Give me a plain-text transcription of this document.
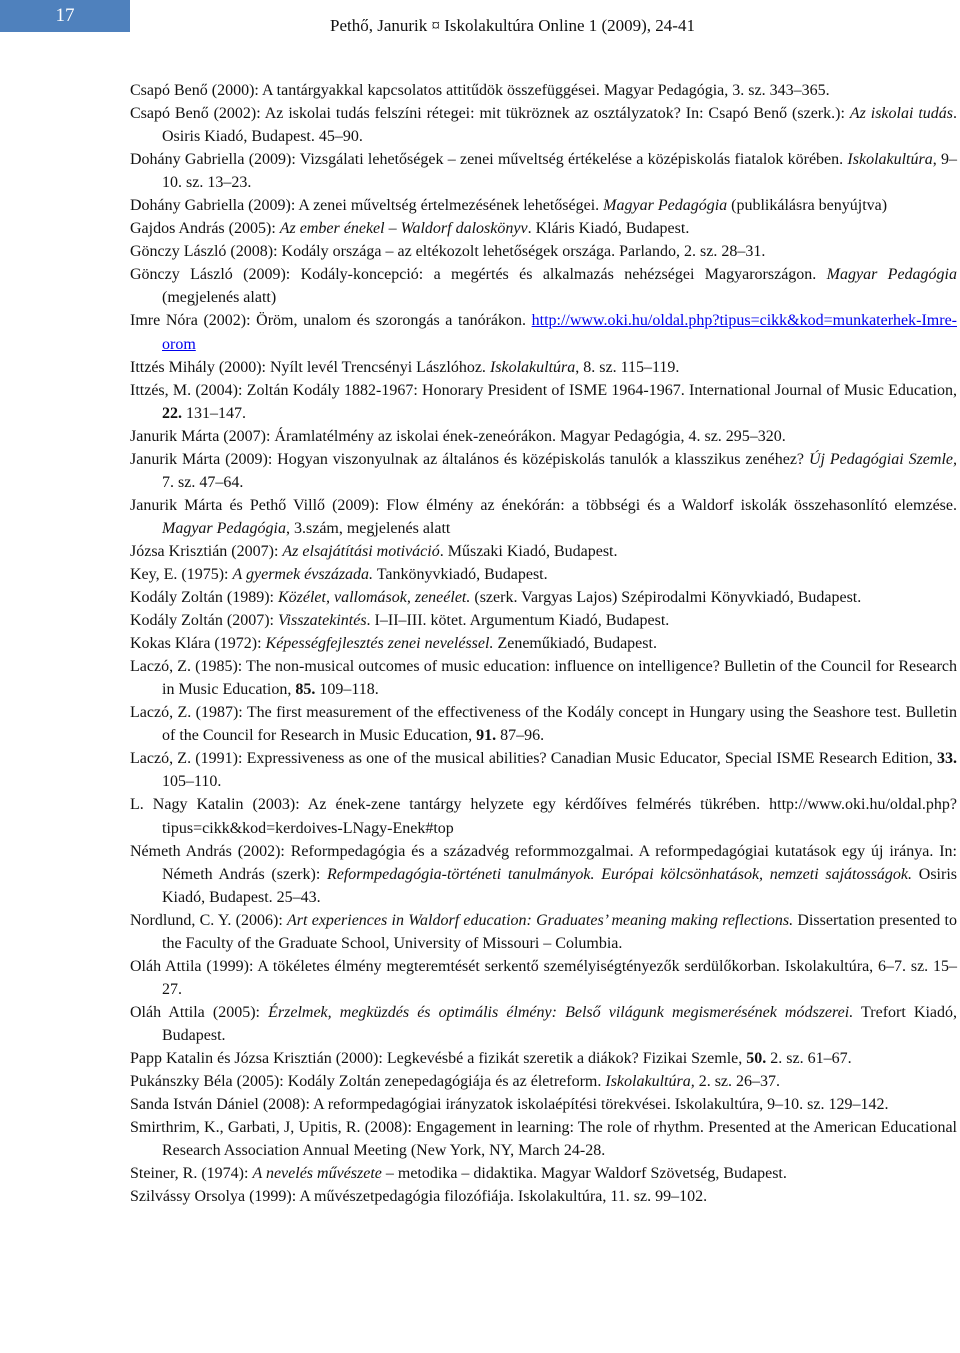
17	Pethő, Janurik ¤ Iskolakultúra Online 1 (2009), 24-41
Csapó Benő (2000): A tantárgyakkal kapcsolatos attitűdök összefüggései. Magyar Pedagógia, 3. sz. 343–365.
Csapó Benő (2002): Az iskolai tudás felszíni rétegei: mit tükröznek az osztályzatok? In: Csapó Benő (szerk.): Az iskolai tudás. Osiris Kiadó, Budapest. 45–90.
Dohány Gabriella (2009): Vizsgálati lehetőségek – zenei műveltség értékelése a középiskolás fiatalok körében. Iskolakultúra, 9–10. sz. 13–23.
Dohány Gabriella (2009): A zenei műveltség értelmezésének lehetőségei. Magyar Pedagógia (publikálásra benyújtva)
Gajdos András (2005): Az ember énekel – Waldorf daloskönyv. Kláris Kiadó, Budapest.
Gönczy László (2008): Kodály országa – az eltékozolt lehetőségek országa. Parlando, 2. sz. 28–31.
Gönczy László (2009): Kodály-koncepció: a megértés és alkalmazás nehézségei Magyarországon. Magyar Pedagógia (megjelenés alatt)
Imre Nóra (2002): Öröm, unalom és szorongás a tanórákon. http://www.oki.hu/oldal.php?tipus=cikk&kod=munkaterhek-Imre-orom
Ittzés Mihály (2000): Nyílt levél Trencsényi Lászlóhoz. Iskolakultúra, 8. sz. 115–119.
Ittzés, M. (2004): Zoltán Kodály 1882-1967: Honorary President of ISME 1964-1967. International Journal of Music Education, 22. 131–147.
Janurik Márta (2007): Áramlatélmény az iskolai ének-zeneórákon. Magyar Pedagógia, 4. sz. 295–320.
Janurik Márta (2009): Hogyan viszonyulnak az általános és középiskolás tanulók a klasszikus zenéhez? Új Pedagógiai Szemle, 7. sz. 47–64.
Janurik Márta és Pethő Villő (2009): Flow élmény az énekórán: a többségi és a Waldorf iskolák összehasonlító elemzése. Magyar Pedagógia, 3.szám, megjelenés alatt
Józsa Krisztián (2007): Az elsajátítási motiváció. Műszaki Kiadó, Budapest.
Key, E. (1975): A gyermek évszázada. Tankönyvkiadó, Budapest.
Kodály Zoltán (1989): Közélet, vallomások, zeneélet. (szerk. Vargyas Lajos) Szépirodalmi Könyvkiadó, Budapest.
Kodály Zoltán (2007): Visszatekintés. I–II–III. kötet. Argumentum Kiadó, Budapest.
Kokas Klára (1972): Képességfejlesztés zenei neveléssel. Zeneműkiadó, Budapest.
Laczó, Z. (1985): The non-musical outcomes of music education: influence on intelligence? Bulletin of the Council for Research in Music Education, 85. 109–118.
Laczó, Z. (1987): The first measurement of the effectiveness of the Kodály concept in Hungary using the Seashore test. Bulletin of the Council for Research in Music Education, 91. 87–96.
Laczó, Z. (1991): Expressiveness as one of the musical abilities? Canadian Music Educator, Special ISME Research Edition, 33. 105–110.
L. Nagy Katalin (2003): Az ének-zene tantárgy helyzete egy kérdőíves felmérés tükrében. http://www.oki.hu/oldal.php?tipus=cikk&kod=kerdoives-LNagy-Enek#top
Németh András (2002): Reformpedagógia és a századvég reformmozgalmai. A reformpedagógiai kutatások egy új iránya. In: Németh András (szerk): Reformpedagógia-történeti tanulmányok. Európai kölcsönhatások, nemzeti sajátosságok. Osiris Kiadó, Budapest. 25–43.
Nordlund, C. Y. (2006): Art experiences in Waldorf education: Graduates’ meaning making reflections. Dissertation presented to the Faculty of the Graduate School, University of Missouri – Columbia.
Oláh Attila (1999): A tökéletes élmény megteremtését serkentő személyiségtényezők serdülőkorban. Iskolakultúra, 6–7. sz. 15–27.
Oláh Attila (2005): Érzelmek, megküzdés és optimális élmény: Belső világunk megismerésének módszerei. Trefort Kiadó, Budapest.
Papp Katalin és Józsa Krisztián (2000): Legkevésbé a fizikát szeretik a diákok? Fizikai Szemle, 50. 2. sz. 61–67.
Pukánszky Béla (2005): Kodály Zoltán zenepedagógiája és az életreform. Iskolakultúra, 2. sz. 26–37.
Sanda István Dániel (2008): A reformpedagógiai irányzatok iskolaépítési törekvései. Iskolakultúra, 9–10. sz. 129–142.
Smirthrim, K., Garbati, J, Upitis, R. (2008): Engagement in learning: The role of rhythm. Presented at the American Educational Research Association Annual Meeting (New York, NY, March 24-28.
Steiner, R. (1974): A nevelés művészete – metodika – didaktika. Magyar Waldorf Szövetség, Budapest.
Szilvássy Orsolya (1999): A művészetpedagógia filozófiája. Iskolakultúra, 11. sz. 99–102.
